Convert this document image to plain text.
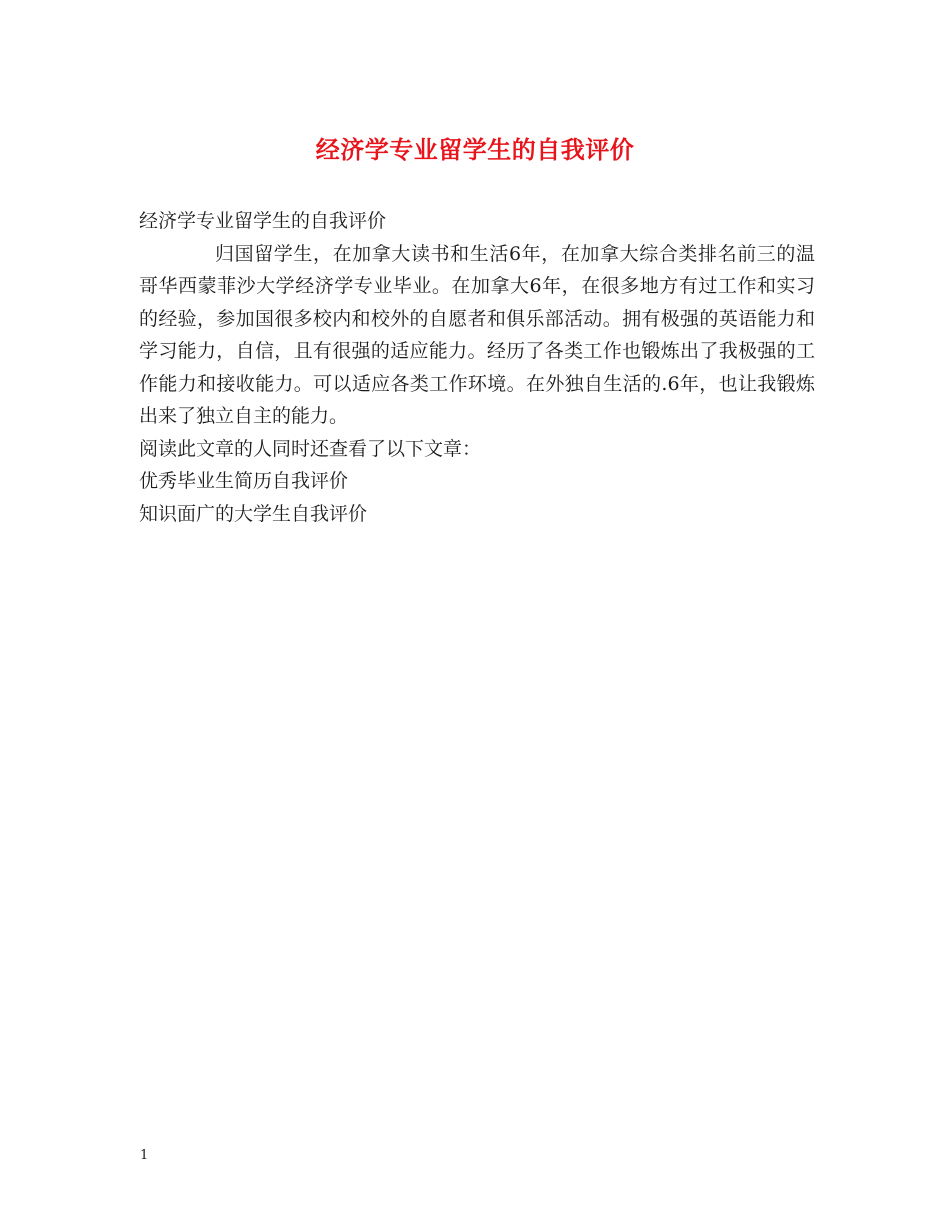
经济学专业留学生的自我评价

经济学专业留学生的自我评价

归国留学生，在加拿大读书和生活6年，在加拿大综合类排名前三的温哥华西蒙菲沙大学经济学专业毕业。在加拿大6年，在很多地方有过工作和实习的经验，参加国很多校内和校外的自愿者和俱乐部活动。拥有极强的英语能力和学习能力，自信，且有很强的适应能力。经历了各类工作也锻炼出了我极强的工作能力和接收能力。可以适应各类工作环境。在外独自生活的.6年，也让我锻炼出来了独立自主的能力。

阅读此文章的人同时还查看了以下文章：

优秀毕业生简历自我评价

知识面广的大学生自我评价

1
